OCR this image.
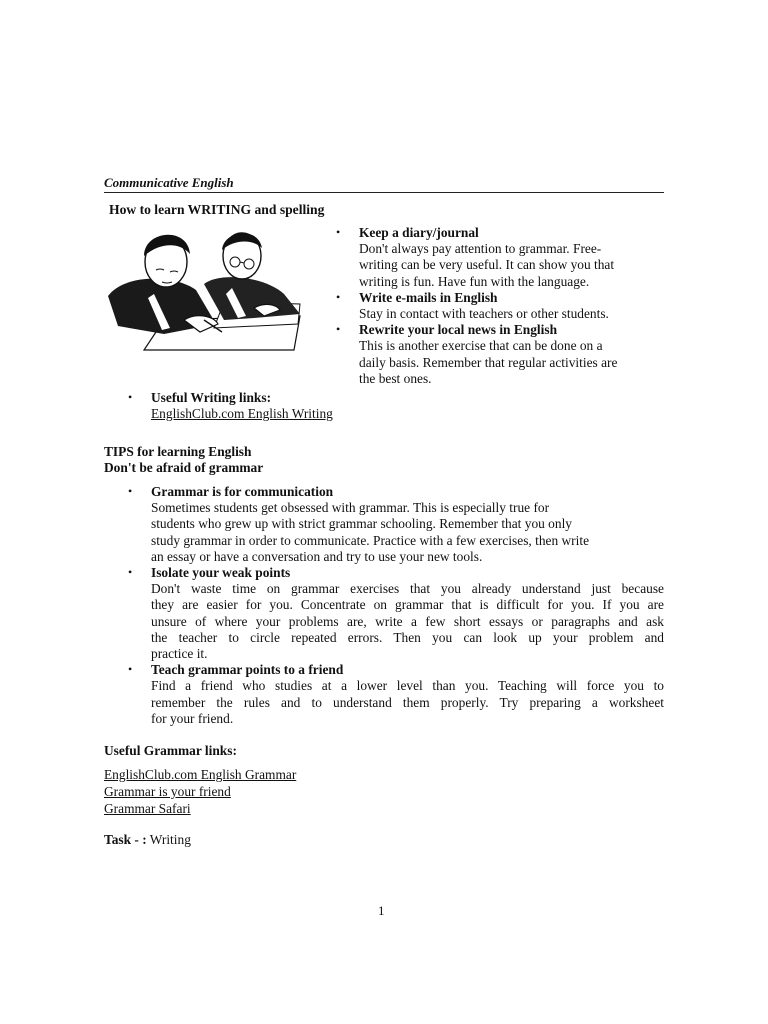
Communicative English
How to learn WRITING and spelling
• Keep a diary/journal
Don't always pay attention to grammar. Free-
writing can be very useful. It can show you that
writing is fun. Have fun with the language.
• Write e-mails in English
Stay in contact with teachers or other students.
• Rewrite your local news in English
This is another exercise that can be done on a
daily basis. Remember that regular activities are
the best ones.
• Useful Writing links:
EnglishClub.com English Writing
TIPS for learning English
Don't be afraid of grammar
• Grammar is for communication
Sometimes students get obsessed with grammar. This is especially true for
students who grew up with strict grammar schooling. Remember that you only
study grammar in order to communicate. Practice with a few exercises, then write
an essay or have a conversation and try to use your new tools.
• Isolate your weak points
Don't waste time on grammar exercises that you already understand just because
they are easier for you. Concentrate on grammar that is difficult for you. If you are
unsure of where your problems are, write a few short essays or paragraphs and ask
the teacher to circle repeated errors. Then you can look up your problem and
practice it.
• Teach grammar points to a friend
Find a friend who studies at a lower level than you. Teaching will force you to
remember the rules and to understand them properly. Try preparing a worksheet
for your friend.
Useful Grammar links:
EnglishClub.com English Grammar
Grammar is your friend
Grammar Safari
Task - : Writing
1
